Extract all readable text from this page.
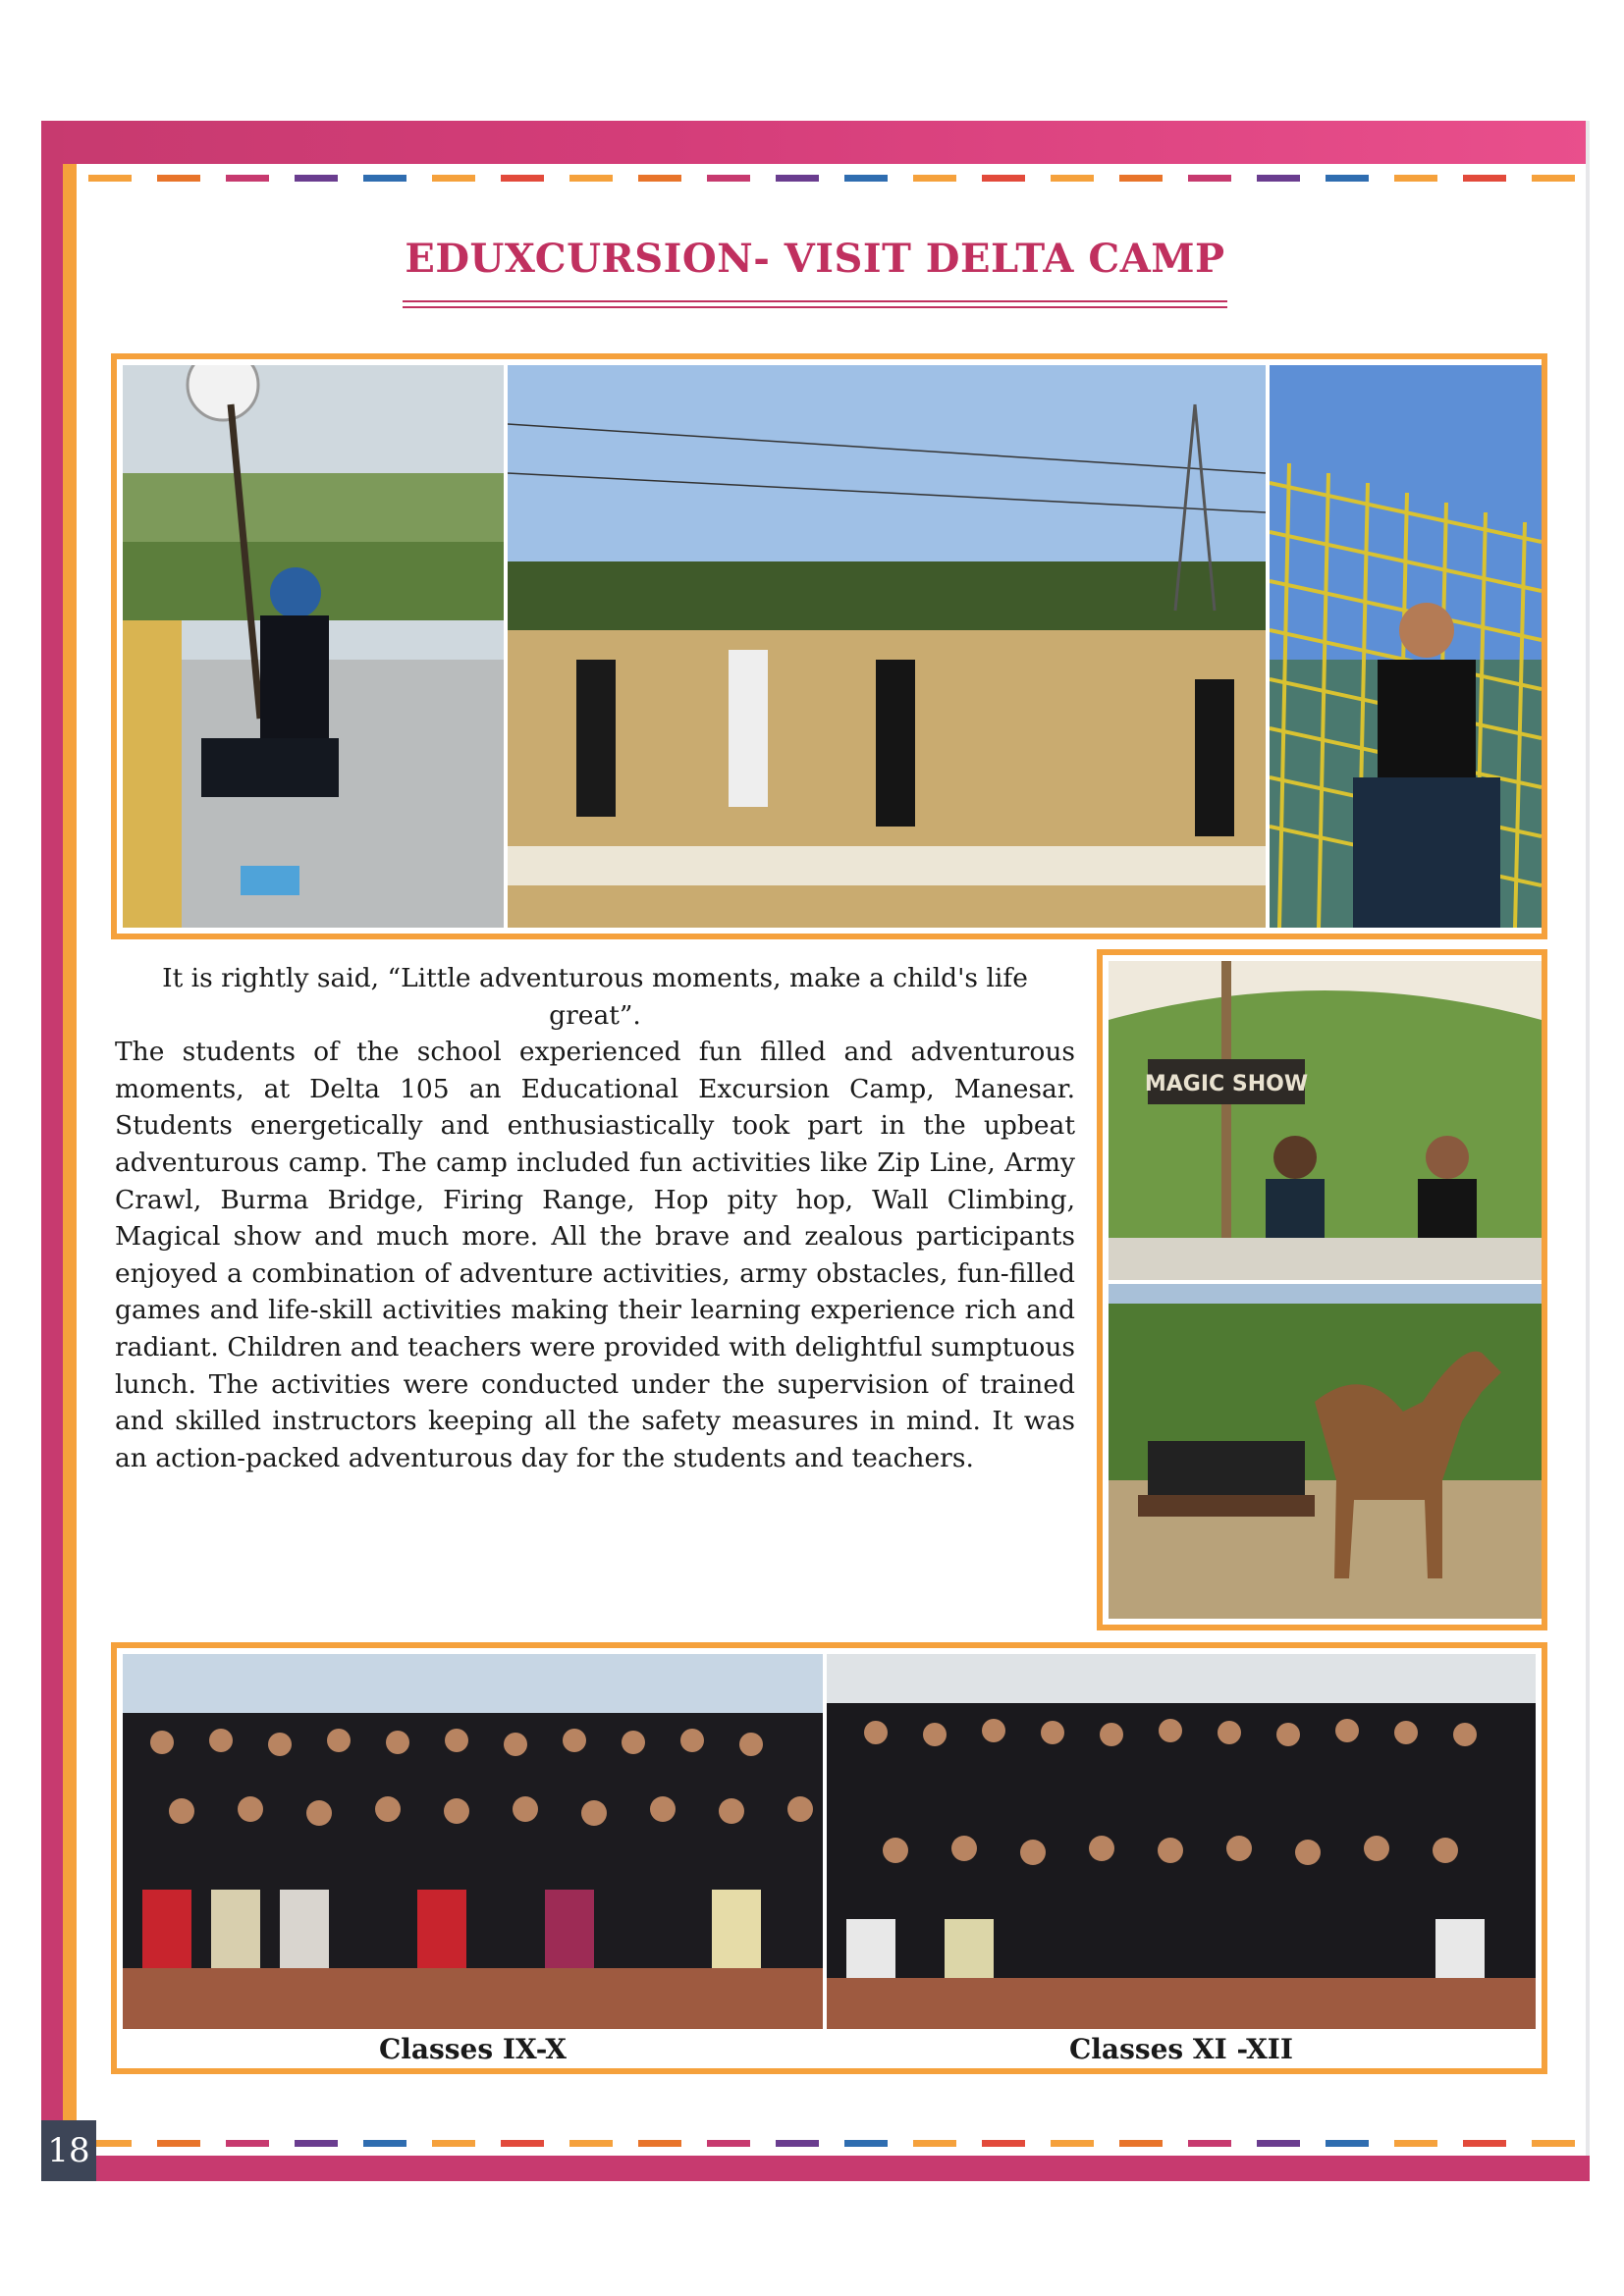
18
EDUXCURSION- VISIT DELTA CAMP
It is rightly said, “Little adventurous moments, make a child's life great”.
The students of the school experienced fun filled and adventurous moments, at Delta 105 an Educational Excursion Camp, Manesar. Students energetically and enthusiastically took part in the upbeat adventurous camp. The camp included fun activities like Zip Line, Army Crawl, Burma Bridge, Firing Range, Hop pity hop, Wall Climbing, Magical show and much more. All the brave and zealous participants enjoyed a combination of adventure activities, army obstacles, fun-filled games and life-skill activities making their learning experience rich and radiant. Children and teachers were provided with delightful sumptuous lunch. The activities were conducted under the supervision of trained and skilled instructors keeping all the safety measures in mind. It was an action-packed adventurous day for the students and teachers.
MAGIC SHOW
Classes IX-X	Classes XI -XII
